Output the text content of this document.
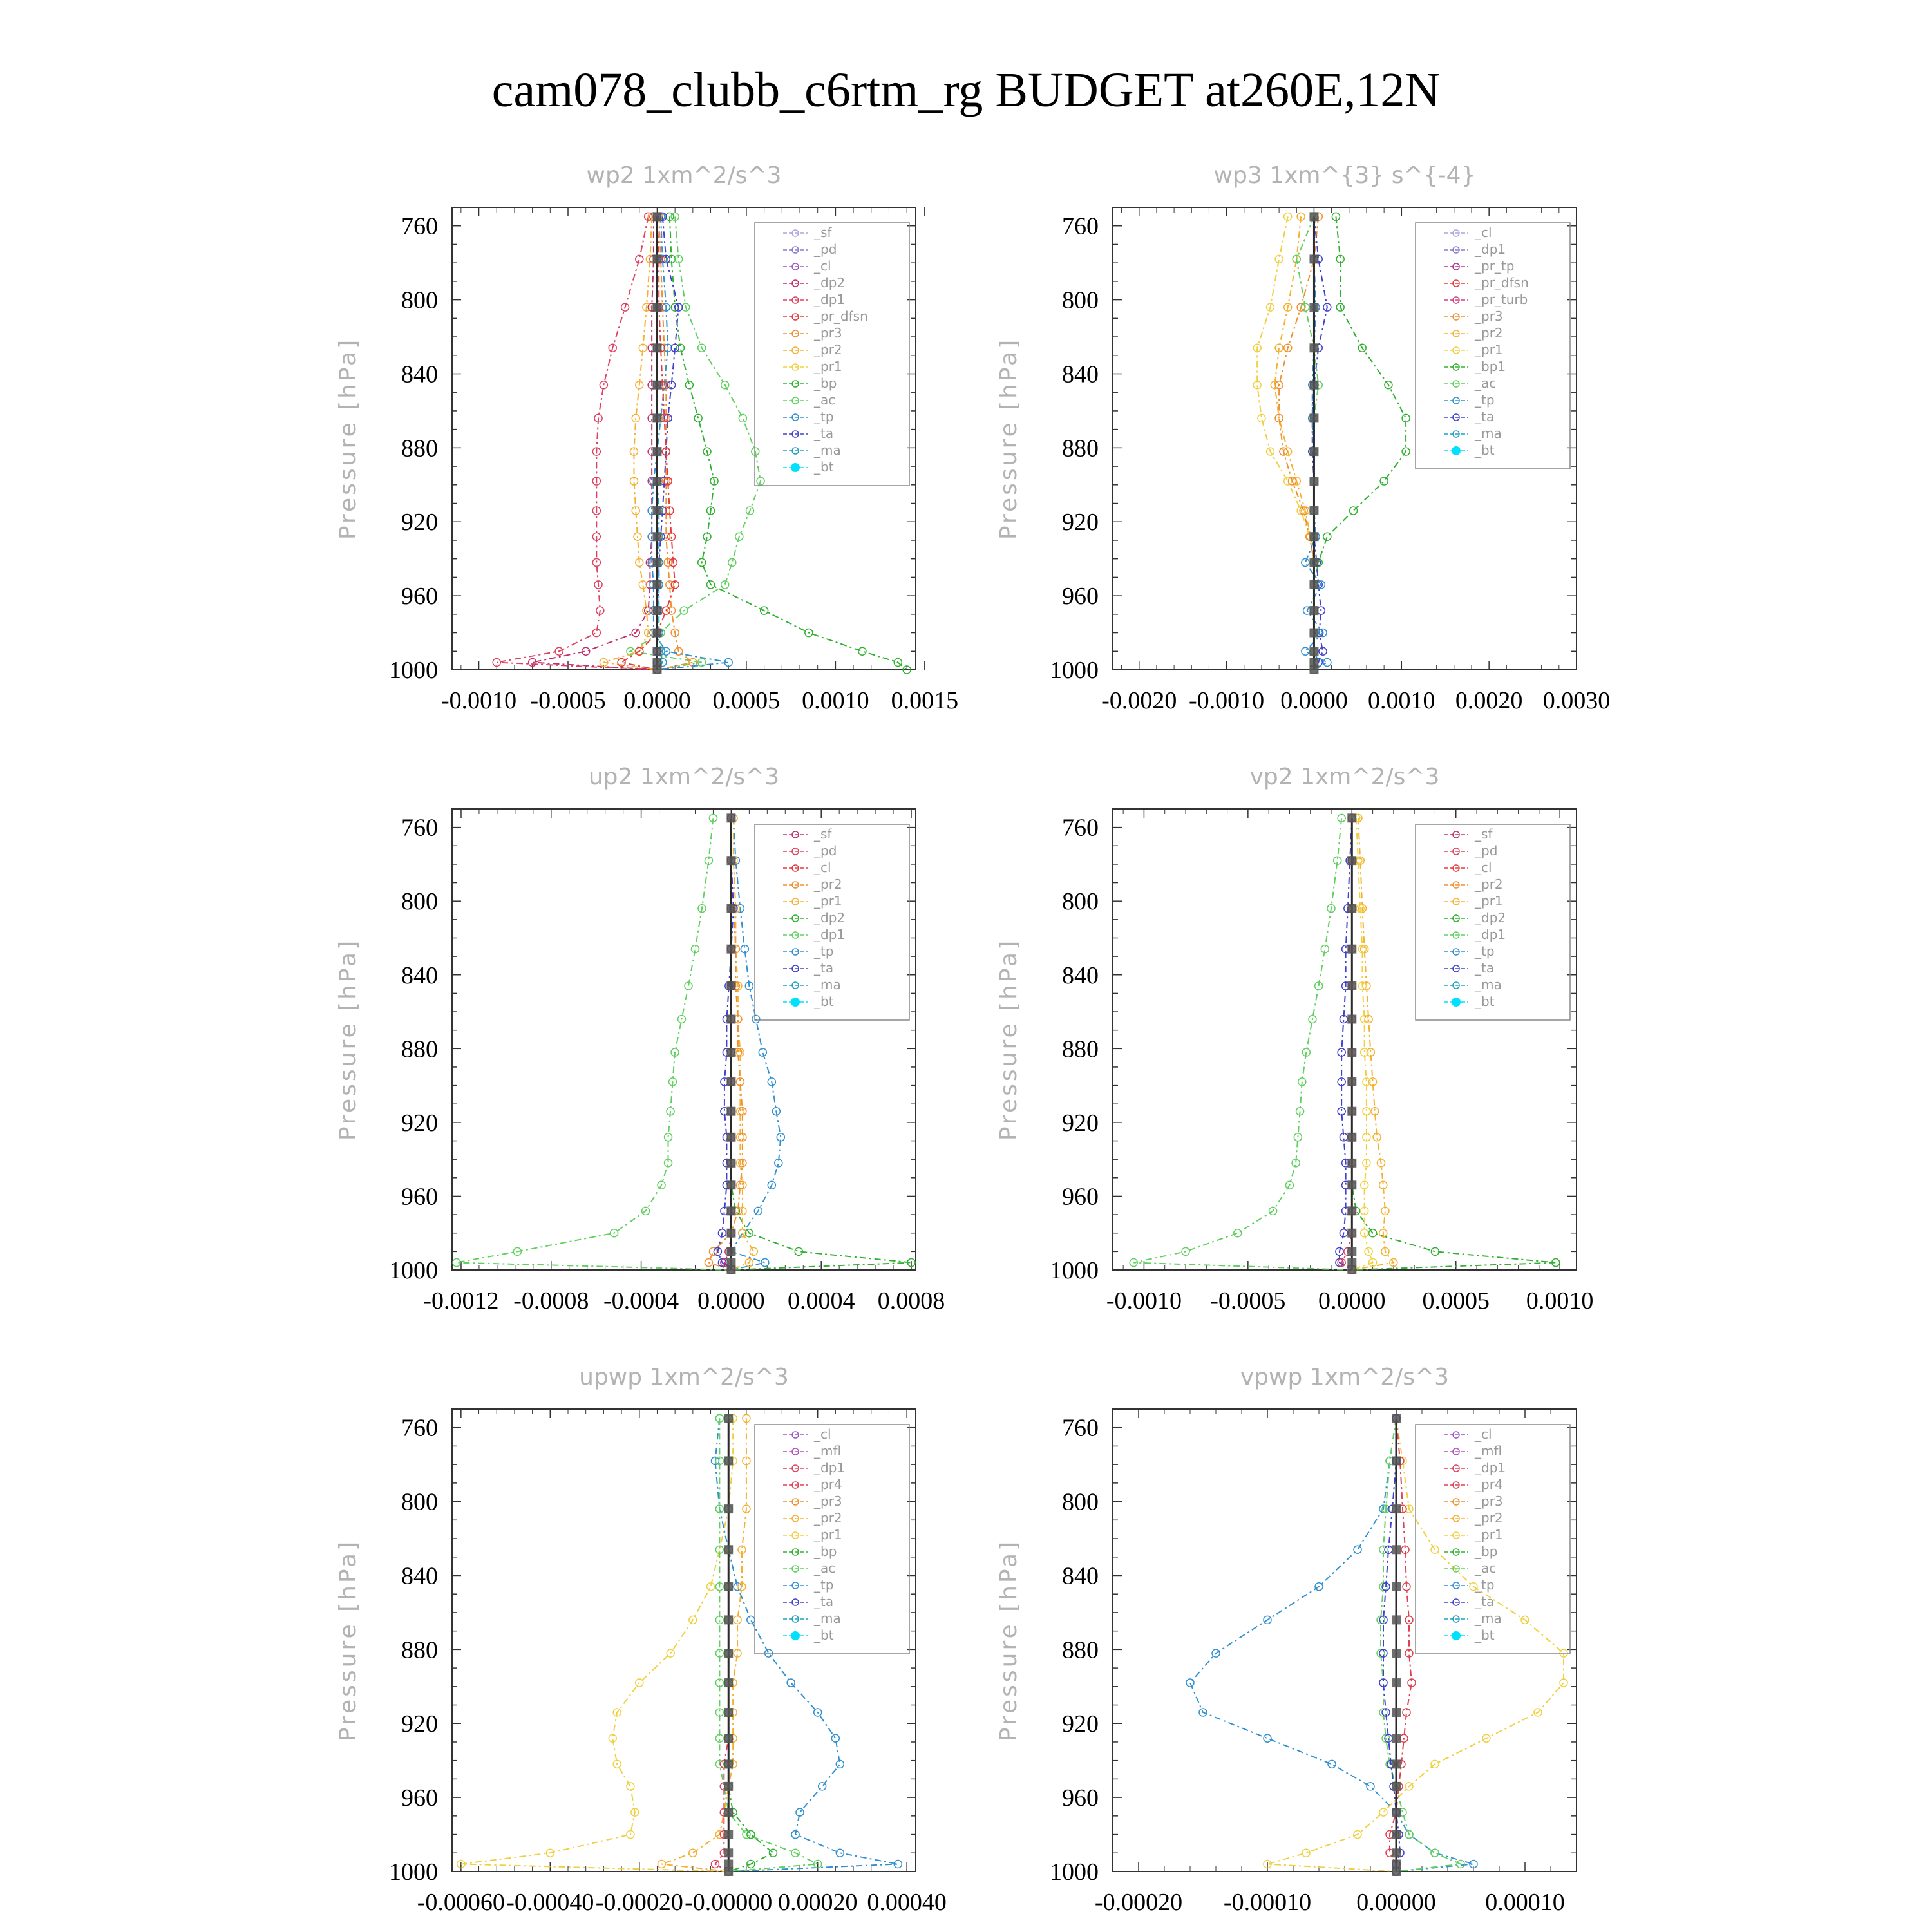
cam078_clubb_c6rtm_rg BUDGET at260E,12N
wp2 1xm^2/s^3
Pressure [hPa]
760
800
840
880
920
960
1000
-0.0010 -0.0005 0.0000 0.0005 0.0010 0.0015
_sf
_pd
_cl
_dp2
_dp1
_pr_dfsn
_pr3
_pr2
_pr1
_bp
_ac
_tp
_ta
_ma
_bt
wp3 1xm^{3} s^{-4}
Pressure [hPa]
760
800
840
880
920
960
1000
-0.0020 -0.0010 0.0000 0.0010 0.0020 0.0030
_cl
_dp1
_pr_tp
_pr_dfsn
_pr_turb
_pr3
_pr2
_pr1
_bp1
_ac
_tp
_ta
_ma
_bt
up2 1xm^2/s^3
Pressure [hPa]
760
800
840
880
920
960
1000
-0.0012 -0.0008 -0.0004 0.0000 0.0004 0.0008
_sf
_pd
_cl
_pr2
_pr1
_dp2
_dp1
_tp
_ta
_ma
_bt
vp2 1xm^2/s^3
Pressure [hPa]
760
800
840
880
920
960
1000
-0.0010 -0.0005 0.0000 0.0005 0.0010
_sf
_pd
_cl
_pr2
_pr1
_dp2
_dp1
_tp
_ta
_ma
_bt
upwp 1xm^2/s^3
Pressure [hPa]
760
800
840
880
920
960
1000
-0.00060 -0.00040 -0.00020 -0.00000 0.00020 0.00040
_cl
_mfl
_dp1
_pr4
_pr3
_pr2
_pr1
_bp
_ac
_tp
_ta
_ma
_bt
vpwp 1xm^2/s^3
Pressure [hPa]
760
800
840
880
920
960
1000
-0.00020 -0.00010 0.00000 0.00010
_cl
_mfl
_dp1
_pr4
_pr3
_pr2
_pr1
_bp
_ac
_tp
_ta
_ma
_bt
